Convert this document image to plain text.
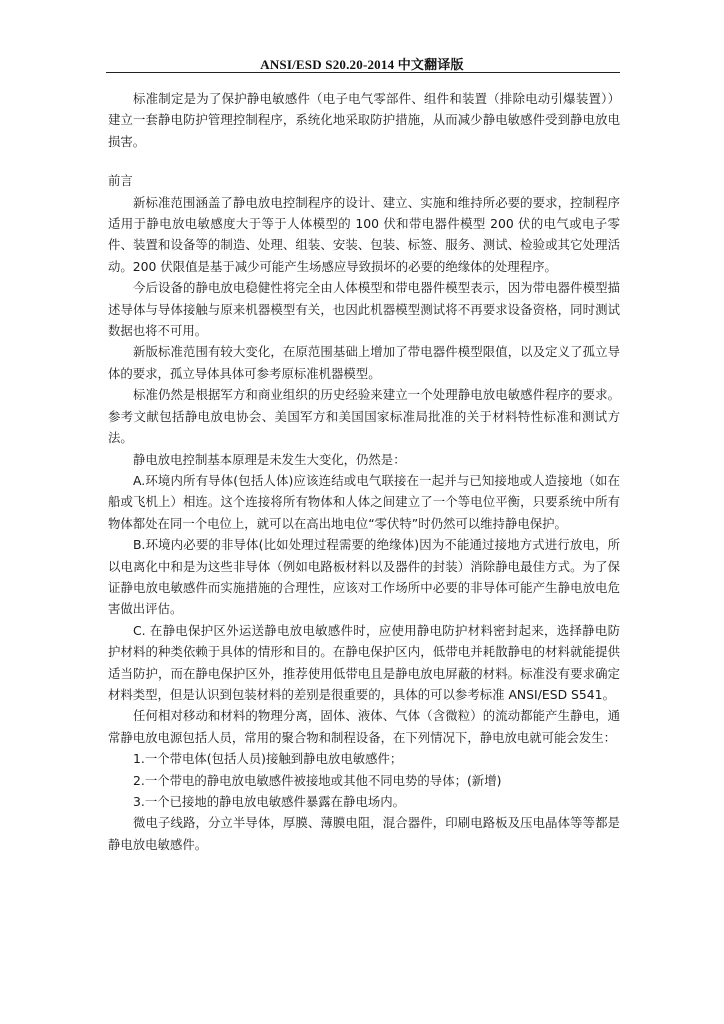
ANSI/ESD S20.20-2014 中文翻译版

标准制定是为了保护静电敏感件（电子电气零部件、组件和装置（排除电动引爆装置））建立一套静电防护管理控制程序，系统化地采取防护措施，从而减少静电敏感件受到静电放电损害。

前言

新标准范围涵盖了静电放电控制程序的设计、建立、实施和维持所必要的要求，控制程序适用于静电放电敏感度大于等于人体模型的 100 伏和带电器件模型 200 伏的电气或电子零件、装置和设备等的制造、处理、组装、安装、包装、标签、服务、测试、检验或其它处理活动。200 伏限值是基于减少可能产生场感应导致损坏的必要的绝缘体的处理程序。

今后设备的静电放电稳健性将完全由人体模型和带电器件模型表示，因为带电器件模型描述导体与导体接触与原来机器模型有关，也因此机器模型测试将不再要求设备资格，同时测试数据也将不可用。

新版标准范围有较大变化，在原范围基础上增加了带电器件模型限值，以及定义了孤立导体的要求，孤立导体具体可参考原标准机器模型。

标准仍然是根据军方和商业组织的历史经验来建立一个处理静电放电敏感件程序的要求。参考文献包括静电放电协会、美国军方和美国国家标准局批准的关于材料特性标准和测试方法。

静电放电控制基本原理是未发生大变化，仍然是：

A.环境内所有导体(包括人体)应该连结或电气联接在一起并与已知接地或人造接地（如在船或飞机上）相连。这个连接将所有物体和人体之间建立了一个等电位平衡，只要系统中所有物体都处在同一个电位上，就可以在高出地电位“零伏特”时仍然可以维持静电保护。

B.环境内必要的非导体(比如处理过程需要的绝缘体)因为不能通过接地方式进行放电，所以电离化中和是为这些非导体（例如电路板材料以及器件的封装）消除静电最佳方式。为了保证静电放电敏感件而实施措施的合理性，应该对工作场所中必要的非导体可能产生静电放电危害做出评估。

C. 在静电保护区外运送静电放电敏感件时，应使用静电防护材料密封起来，选择静电防护材料的种类依赖于具体的情形和目的。在静电保护区内，低带电并耗散静电的材料就能提供适当防护，而在静电保护区外，推荐使用低带电且是静电放电屏蔽的材料。标准没有要求确定材料类型，但是认识到包装材料的差别是很重要的，具体的可以参考标准 ANSI/ESD S541。

任何相对移动和材料的物理分离，固体、液体、气体（含微粒）的流动都能产生静电，通常静电放电源包括人员，常用的聚合物和制程设备，在下列情况下，静电放电就可能会发生：

1.一个带电体(包括人员)接触到静电放电敏感件；

2.一个带电的静电放电敏感件被接地或其他不同电势的导体；(新增)

3.一个已接地的静电放电敏感件暴露在静电场内。

微电子线路，分立半导体，厚膜、薄膜电阻，混合器件，印刷电路板及压电晶体等等都是静电放电敏感件。
